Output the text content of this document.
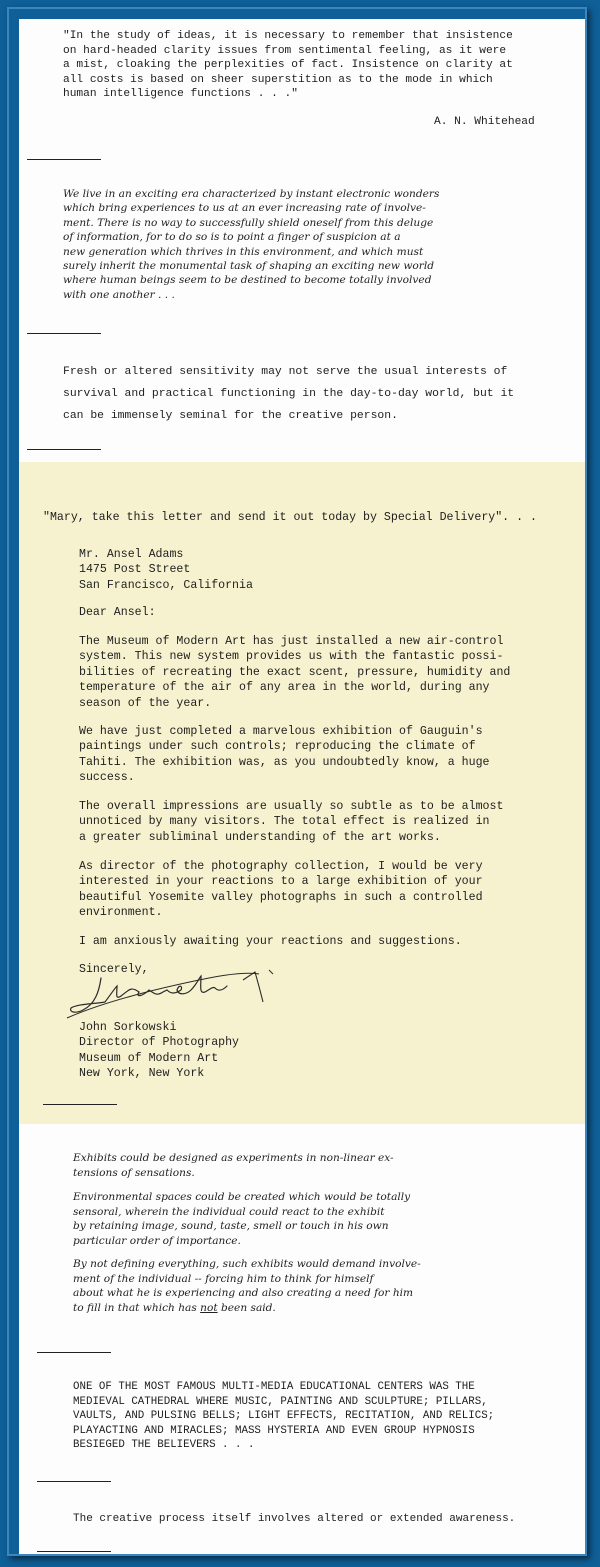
"In the study of ideas, it is necessary to remember that insistence
on hard-headed clarity issues from sentimental feeling, as it were
a mist, cloaking the perplexities of fact. Insistence on clarity at
all costs is based on sheer superstition as to the mode in which
human intelligence functions . . ."

A. N. Whitehead

We live in an exciting era characterized by instant electronic wonders
which bring experiences to us at an ever increasing rate of involve-
ment. There is no way to successfully shield oneself from this deluge
of information, for to do so is to point a finger of suspicion at a
new generation which thrives in this environment, and which must
surely inherit the monumental task of shaping an exciting new world
where human beings seem to be destined to become totally involved
with one another . . .

Fresh or altered sensitivity may not serve the usual interests of
survival and practical functioning in the day-to-day world, but it
can be immensely seminal for the creative person.

"Mary, take this letter and send it out today by Special Delivery". . .

Mr. Ansel Adams
1475 Post Street
San Francisco, California

Dear Ansel:

The Museum of Modern Art has just installed a new air-control
system. This new system provides us with the fantastic possi-
bilities of recreating the exact scent, pressure, humidity and
temperature of the air of any area in the world, during any
season of the year.

We have just completed a marvelous exhibition of Gauguin's
paintings under such controls; reproducing the climate of
Tahiti. The exhibition was, as you undoubtedly know, a huge
success.

The overall impressions are usually so subtle as to be almost
unnoticed by many visitors. The total effect is realized in
a greater subliminal understanding of the art works.

As director of the photography collection, I would be very
interested in your reactions to a large exhibition of your
beautiful Yosemite valley photographs in such a controlled
environment.

I am anxiously awaiting your reactions and suggestions.

Sincerely,

John Sorkowski
Director of Photography
Museum of Modern Art
New York, New York

Exhibits could be designed as experiments in non-linear ex-
tensions of sensations.

Environmental spaces could be created which would be totally
sensoral, wherein the individual could react to the exhibit
by retaining image, sound, taste, smell or touch in his own
particular order of importance.

By not defining everything, such exhibits would demand involve-
ment of the individual -- forcing him to think for himself
about what he is experiencing and also creating a need for him
to fill in that which has not been said.

ONE OF THE MOST FAMOUS MULTI-MEDIA EDUCATIONAL CENTERS WAS THE
MEDIEVAL CATHEDRAL WHERE MUSIC, PAINTING AND SCULPTURE; PILLARS,
VAULTS, AND PULSING BELLS; LIGHT EFFECTS, RECITATION, AND RELICS;
PLAYACTING AND MIRACLES; MASS HYSTERIA AND EVEN GROUP HYPNOSIS
BESIEGED THE BELIEVERS . . .

The creative process itself involves altered or extended awareness.
